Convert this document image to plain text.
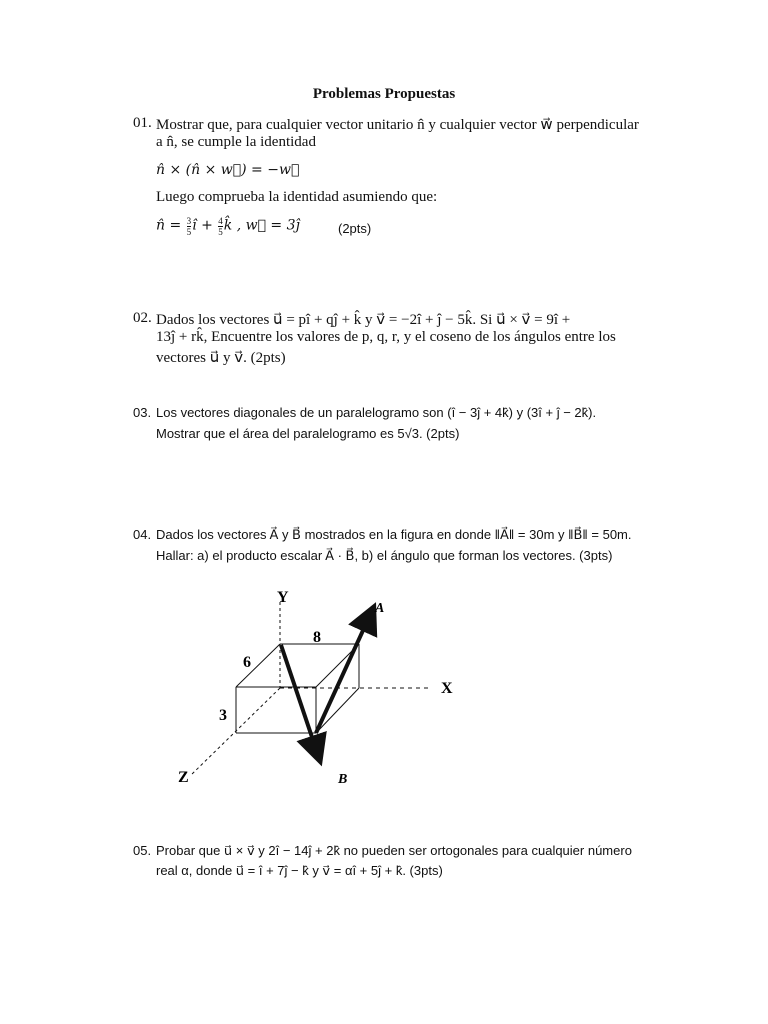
Problemas Propuestas
01. Mostrar que, para cualquier vector unitario n̂ y cualquier vector w⃗ perpendicular
a n̂, se cumple la identidad
n̂ × (n̂ × w⃗) = −w⃗
Luego comprueba la identidad asumiendo que:
n̂ = $\frac{3}{5}$ ı̂ + $\frac{4}{5}$ k̂ , w⃗ = 3ĵ	(2pts)
02. Dados los vectores u⃗ = pî + qĵ + k̂ y v⃗ = −2î + ĵ − 5k̂. Si u⃗ × v⃗ = 9î +
13ĵ + rk̂, Encuentre los valores de p, q, r, y el coseno de los ángulos entre los
vectores u⃗ y v⃗. (2pts)
03. Los vectores diagonales de un paralelogramo son (î − 3ĵ + 4k̂) y (3î + ĵ − 2k̂).
Mostrar que el área del paralelogramo es 5√3. (2pts)
04. Dados los vectores A⃗ y B⃗ mostrados en la figura en donde ‖A⃗‖ = 30m y ‖B⃗‖ = 50m.
Hallar: a) el producto escalar A⃗ · B⃗, b) el ángulo que forman los vectores. (3pts)
Y
X
Z
8
6
3
A⃗
B⃗
05. Probar que u⃗ × v⃗ y 2î − 14ĵ + 2k̂ no pueden ser ortogonales para cualquier número
real α, donde u⃗ = î + 7ĵ − k̂ y v⃗ = αî + 5ĵ + k̂. (3pts)
